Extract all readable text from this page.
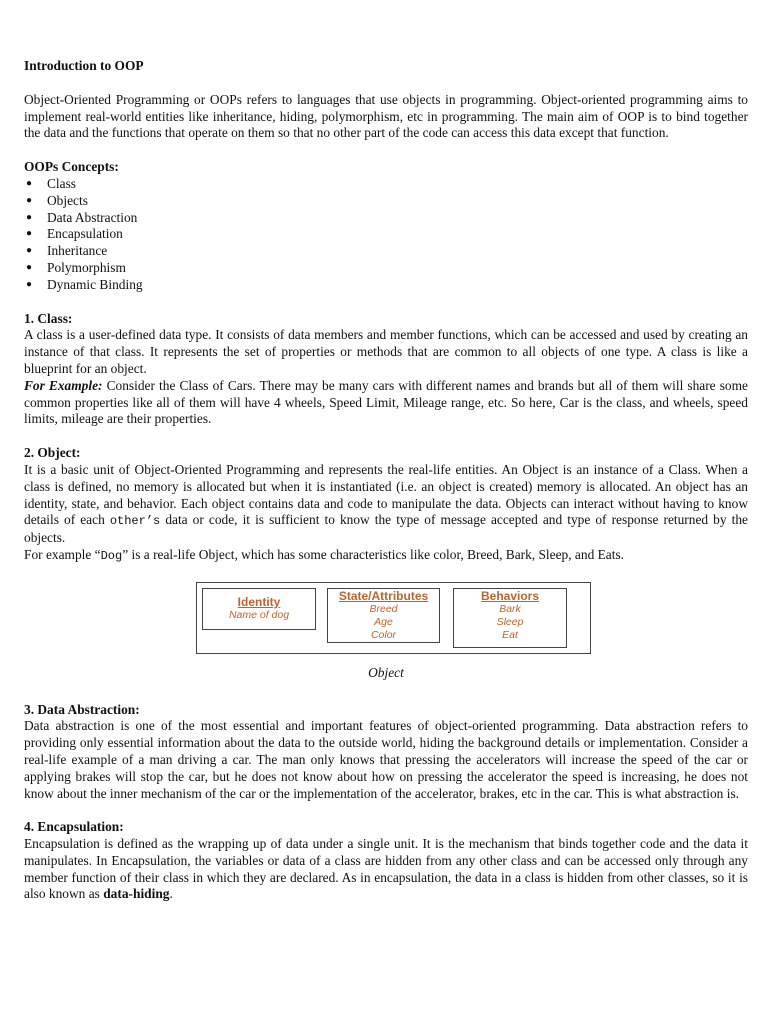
Introduction to OOP

Object-Oriented Programming or OOPs refers to languages that use objects in programming. Object-oriented programming aims to implement real-world entities like inheritance, hiding, polymorphism, etc in programming. The main aim of OOP is to bind together the data and the functions that operate on them so that no other part of the code can access this data except that function.

OOPs Concepts:

● Class
● Objects
● Data Abstraction
● Encapsulation
● Inheritance
● Polymorphism
● Dynamic Binding

1. Class:

A class is a user-defined data type. It consists of data members and member functions, which can be accessed and used by creating an instance of that class. It represents the set of properties or methods that are common to all objects of one type. A class is like a blueprint for an object.
For Example: Consider the Class of Cars. There may be many cars with different names and brands but all of them will share some common properties like all of them will have 4 wheels, Speed Limit, Mileage range, etc. So here, Car is the class, and wheels, speed limits, mileage are their properties.

2. Object:

It is a basic unit of Object-Oriented Programming and represents the real-life entities. An Object is an instance of a Class. When a class is defined, no memory is allocated but when it is instantiated (i.e. an object is created) memory is allocated. An object has an identity, state, and behavior. Each object contains data and code to manipulate the data. Objects can interact without having to know details of each other’s data or code, it is sufficient to know the type of message accepted and type of response returned by the objects.

For example “Dog” is a real-life Object, which has some characteristics like color, Breed, Bark, Sleep, and Eats.

Identity
Name of dog
State/Attributes
Breed
Age
Color
Behaviors
Bark
Sleep
Eat

Object

3. Data Abstraction:

Data abstraction is one of the most essential and important features of object-oriented programming. Data abstraction refers to providing only essential information about the data to the outside world, hiding the background details or implementation. Consider a real-life example of a man driving a car. The man only knows that pressing the accelerators will increase the speed of the car or applying brakes will stop the car, but he does not know about how on pressing the accelerator the speed is increasing, he does not know about the inner mechanism of the car or the implementation of the accelerator, brakes, etc in the car. This is what abstraction is.

4. Encapsulation:

Encapsulation is defined as the wrapping up of data under a single unit. It is the mechanism that binds together code and the data it manipulates. In Encapsulation, the variables or data of a class are hidden from any other class and can be accessed only through any member function of their class in which they are declared. As in encapsulation, the data in a class is hidden from other classes, so it is also known as data-hiding.
